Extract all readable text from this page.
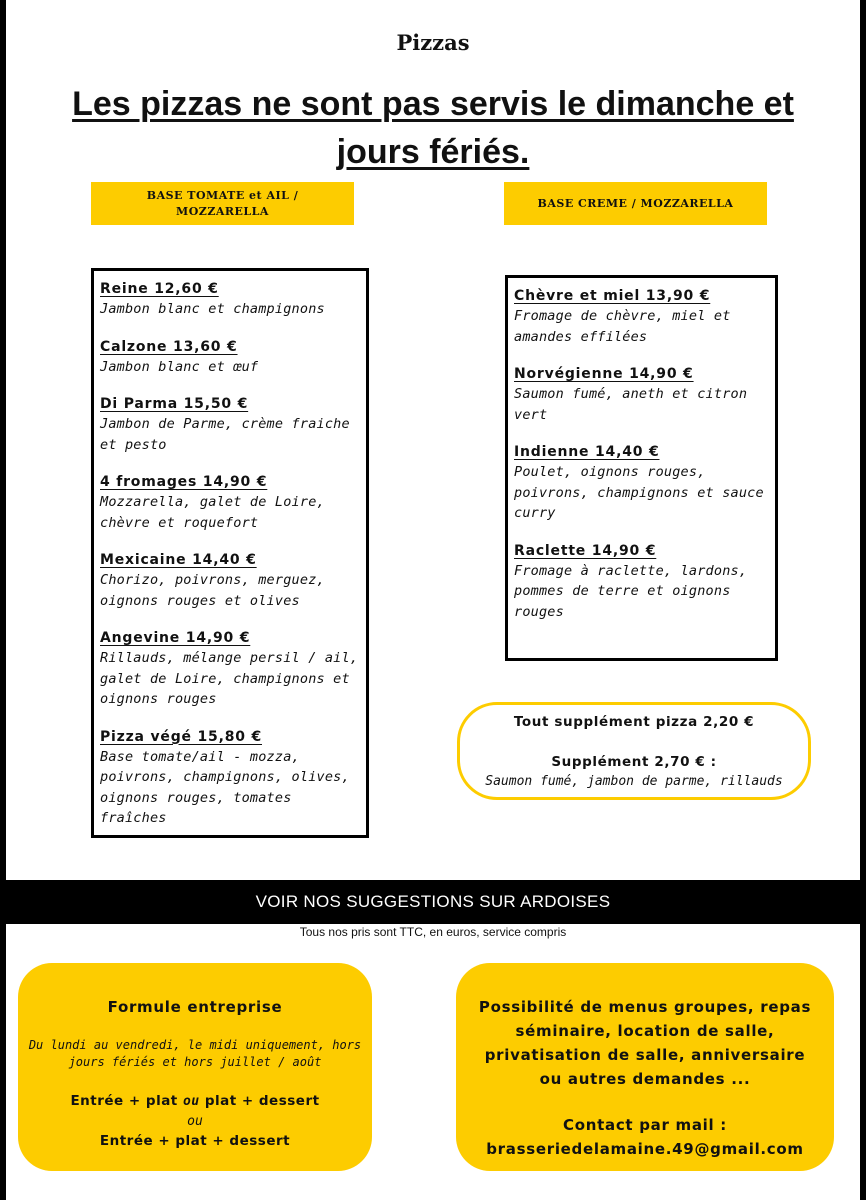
Pizzas
Les pizzas ne sont pas servis le dimanche et
jours fériés.
BASE TOMATE et AIL /
MOZZARELLA
BASE CREME / MOZZARELLA
Reine 12,60 €
Jambon blanc et champignons
Calzone 13,60 €
Jambon blanc et œuf
Di Parma 15,50 €
Jambon de Parme, crème fraiche et pesto
4 fromages 14,90 €
Mozzarella, galet de Loire, chèvre et roquefort
Mexicaine 14,40 €
Chorizo, poivrons, merguez, oignons rouges et olives
Angevine 14,90 €
Rillauds, mélange persil / ail, galet de Loire, champignons et oignons rouges
Pizza végé 15,80 €
Base tomate/ail - mozza, poivrons, champignons, olives, oignons rouges, tomates fraîches
Chèvre et miel 13,90 €
Fromage de chèvre, miel et amandes effilées
Norvégienne 14,90 €
Saumon fumé, aneth et citron vert
Indienne 14,40 €
Poulet, oignons rouges, poivrons, champignons et sauce curry
Raclette 14,90 €
Fromage à raclette, lardons, pommes de terre et oignons rouges
Tout supplément pizza 2,20 €
Supplément 2,70 € :
Saumon fumé, jambon de parme, rillauds
VOIR NOS SUGGESTIONS SUR ARDOISES
Tous nos pris sont TTC, en euros, service compris
Formule entreprise
Du lundi au vendredi, le midi uniquement, hors
jours fériés et hors juillet / août
Entrée + plat ou plat + dessert
ou
Entrée + plat + dessert
Possibilité de menus groupes, repas
séminaire, location de salle,
privatisation de salle, anniversaire
ou autres demandes ...
Contact par mail :
brasseriedelamaine.49@gmail.com
